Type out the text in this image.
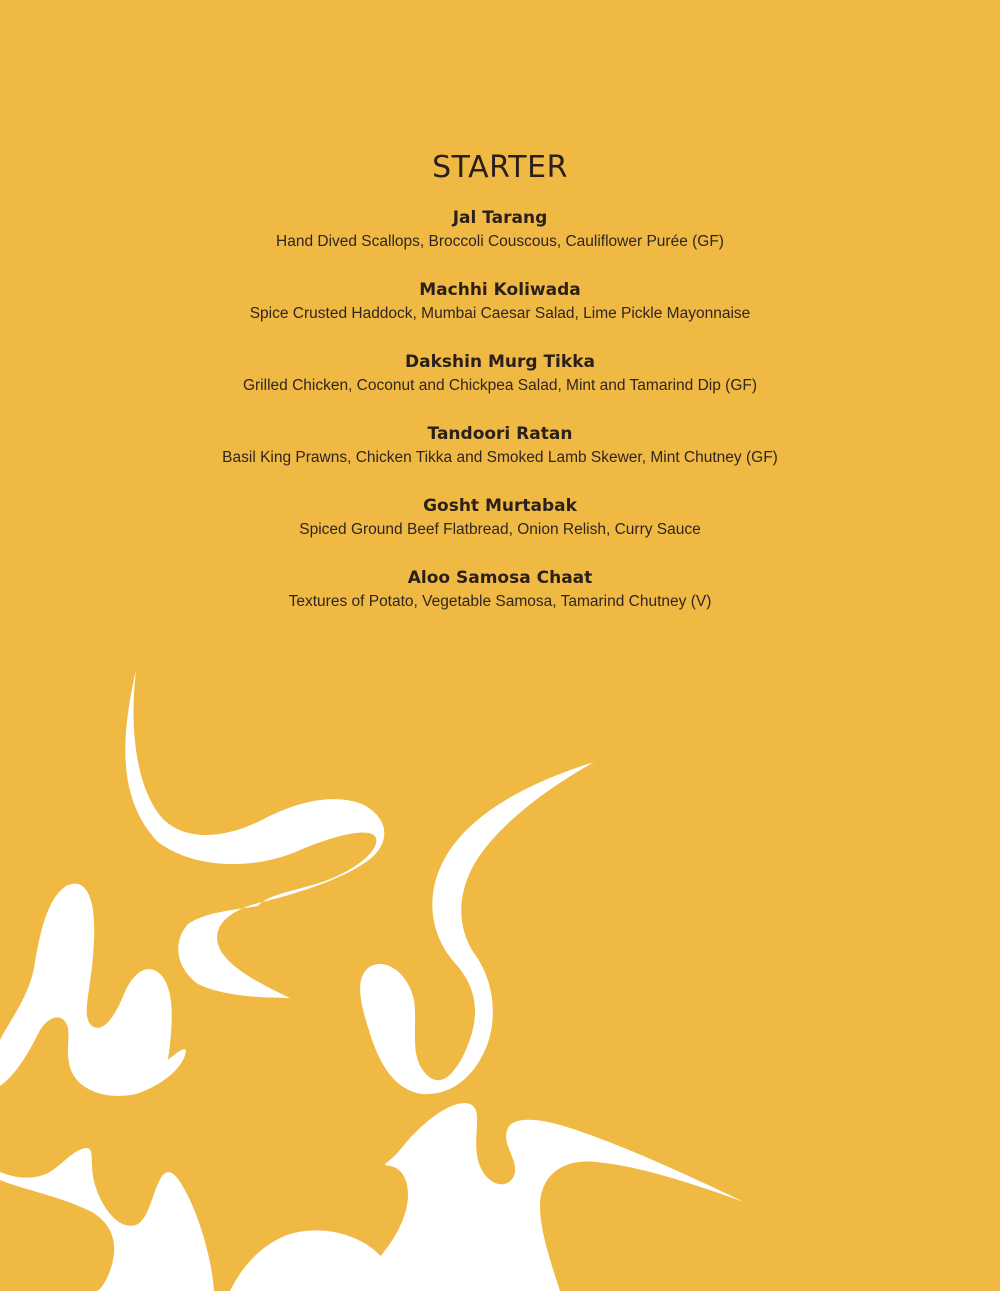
STARTER
Jal Tarang
Hand Dived Scallops, Broccoli Couscous, Cauliflower Purée (GF)
Machhi Koliwada
Spice Crusted Haddock, Mumbai Caesar Salad, Lime Pickle Mayonnaise
Dakshin Murg Tikka
Grilled Chicken, Coconut and Chickpea Salad, Mint and Tamarind Dip (GF)
Tandoori Ratan
Basil King Prawns, Chicken Tikka and Smoked Lamb Skewer, Mint Chutney (GF)
Gosht Murtabak
Spiced Ground Beef Flatbread, Onion Relish, Curry Sauce
Aloo Samosa Chaat
Textures of Potato, Vegetable Samosa, Tamarind Chutney (V)
